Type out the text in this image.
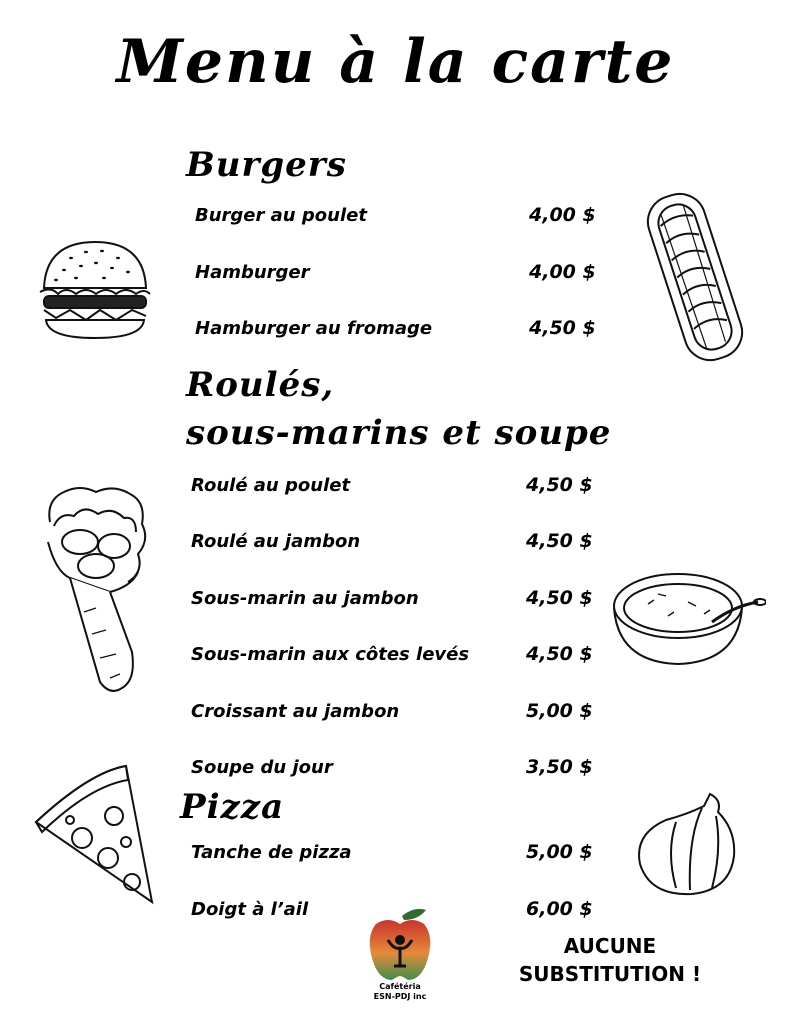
Menu à la carte
Burgers
Burger au poulet	4,00 $
Hamburger	4,00 $
Hamburger au fromage	4,50 $
Roulés,
sous-marins et soupe
Roulé au poulet	4,50 $
Roulé au jambon	4,50 $
Sous-marin au jambon	4,50 $
Sous-marin aux côtes levés	4,50 $
Croissant au jambon	5,00 $
Soupe du jour	3,50 $
Pizza
Tanche de pizza	5,00 $
Doigt à l’ail	6,00 $
AUCUNE
SUBSTITUTION !
Cafétéria
ESN-PDJ inc
